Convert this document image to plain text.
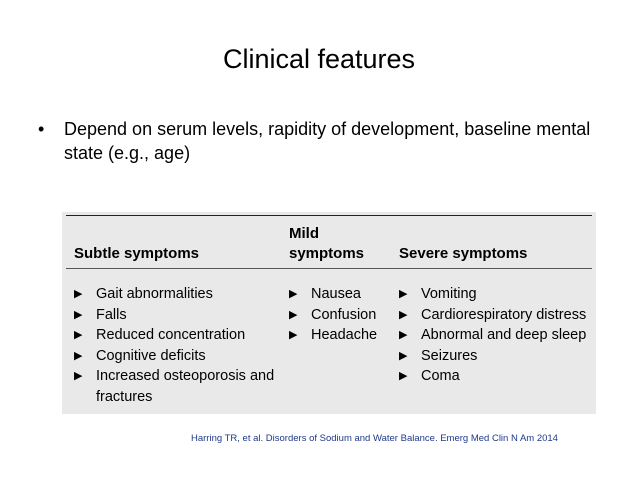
Clinical features
• Depend on serum levels, rapidity of development, baseline mental state (e.g., age)
Subtle symptoms
Mild
symptoms Severe symptoms
▶ Gait abnormalities
▶ Falls
▶ Reduced concentration
▶ Cognitive deficits
▶ Increased osteoporosis and
fractures
▶ Nausea
▶ Confusion
▶ Headache
▶ Vomiting
▶ Cardiorespiratory distress
▶ Abnormal and deep sleep
▶ Seizures
▶ Coma
Harring TR, et al. Disorders of Sodium and Water Balance. Emerg Med Clin N Am 2014
